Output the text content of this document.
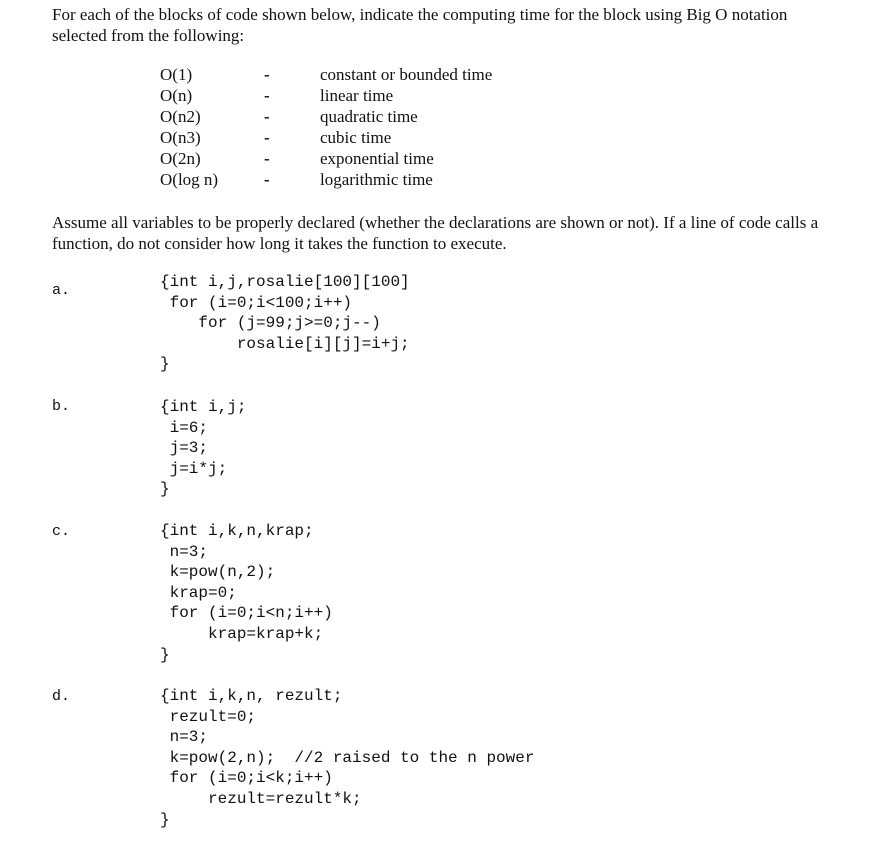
For each of the blocks of code shown below, indicate the computing time for the block using Big O notation selected from the following:
O(1)	-	constant or bounded time
O(n)	-	linear time
O(n2)	-	quadratic time
O(n3)	-	cubic time
O(2n)	-	exponential time
O(log n)	-	logarithmic time
Assume all variables to be properly declared (whether the declarations are shown or not). If a line of code calls a function, do not consider how long it takes the function to execute.
a.	{int i,j,rosalie[100][100]
for (i=0;i<100;i++)
for (j=99;j>=0;j--)
rosalie[i][j]=i+j;
}
b.	{int i,j;
i=6;
j=3;
j=i*j;
}
c.	{int i,k,n,krap;
n=3;
k=pow(n,2);
krap=0;
for (i=0;i<n;i++)
krap=krap+k;
}
d.	{int i,k,n, rezult;
rezult=0;
n=3;
k=pow(2,n);  //2 raised to the n power
for (i=0;i<k;i++)
rezult=rezult*k;
}
